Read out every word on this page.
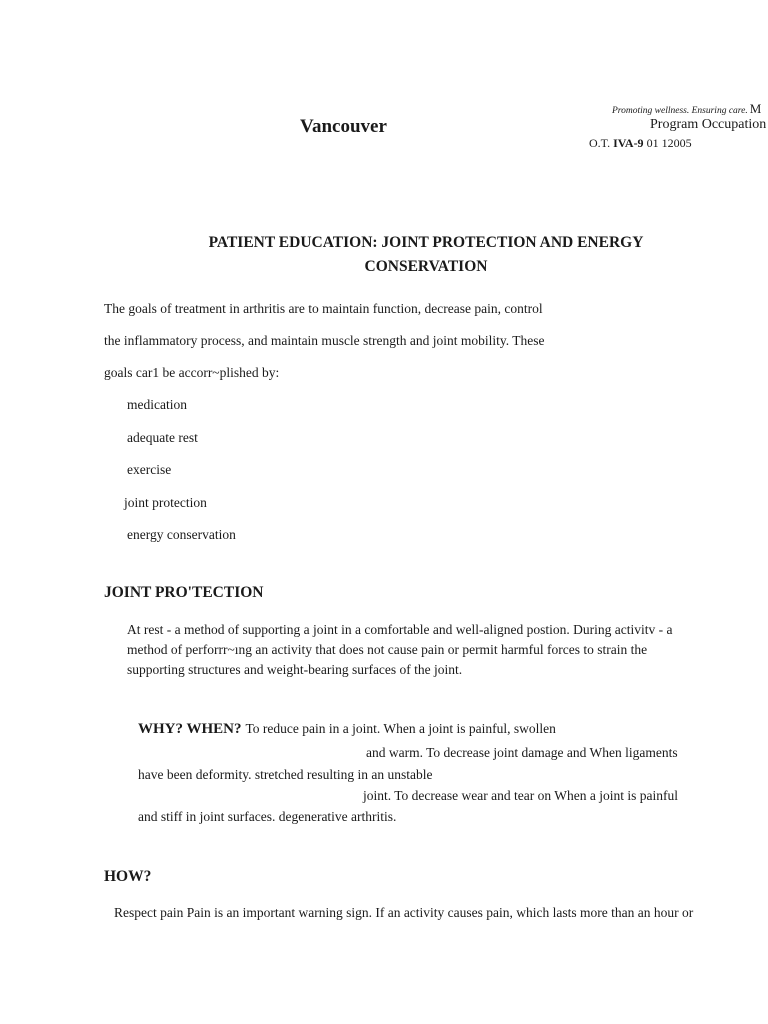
Promoting wellness. Ensuring care. M
Vancouver	Program Occupation
O.T. IVA-9 01 12005
PATIENT EDUCATION: JOINT PROTECTION AND ENERGY
CONSERVATION
The goals of treatment in arthritis are to maintain function, decrease pain, control
the inflammatory process, and maintain muscle strength and joint mobility. These
goals car1 be accorr~plished by:
medication
adequate rest
exercise
joint protection
energy conservation
JOINT PRO'TECTION
At rest - a method of supporting a joint in a comfortable and well-aligned postion. During activitv - a
method of perforrr~ıng an activity that does not cause pain or permit harmful forces to strain the
supporting structures and weight-bearing surfaces of the joint.
WHY? WHEN? To reduce pain in a joint. When a joint is painful, swollen
and warm. To decrease joint damage and When ligaments
have been deformity. stretched resulting in an unstable
joint. To decrease wear and tear on When a joint is painful
and stiff in joint surfaces. degenerative arthritis.
HOW?
Respect pain Pain is an important warning sign. If an activity causes pain, which lasts more than an hour or
